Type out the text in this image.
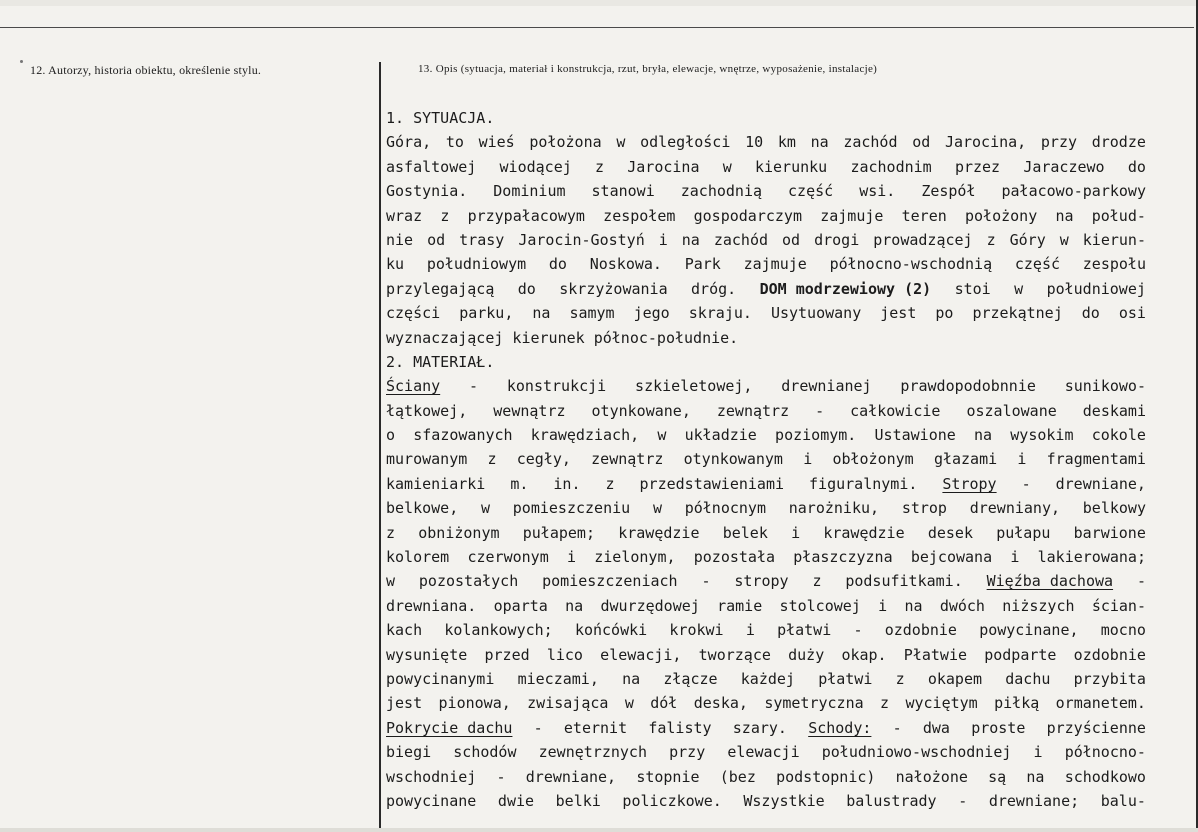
12. Autorzy, historia obiektu, określenie stylu.	13. Opis (sytuacja, materiał i konstrukcja, rzut, bryła, elewacje, wnętrze, wyposażenie, instalacje)
1. SYTUACJA.
Góra, to wieś położona w odległości 10 km na zachód od Jarocina, przy drodze
asfaltowej wiodącej z Jarocina w kierunku zachodnim przez Jaraczewo do
Gostynia. Dominium stanowi zachodnią część wsi. Zespół pałacowo-parkowy
wraz z przypałacowym zespołem gospodarczym zajmuje teren położony na połud-
nie od trasy Jarocin-Gostyń i na zachód od drogi prowadzącej z Góry w kierun-
ku południowym do Noskowa. Park zajmuje północno-wschodnią część zespołu
przylegającą do skrzyżowania dróg. DOM modrzewiowy (2) stoi w południowej
części parku, na samym jego skraju. Usytuowany jest po przekątnej do osi
wyznaczającej kierunek północ-południe.
2. MATERIAŁ.
Ściany - konstrukcji szkieletowej, drewnianej prawdopodobnnie sunikowo-
łątkowej, wewnątrz otynkowane, zewnątrz - całkowicie oszalowane deskami
o sfazowanych krawędziach, w układzie poziomym. Ustawione na wysokim cokole
murowanym z cegły, zewnątrz otynkowanym i obłożonym głazami i fragmentami
kamieniarki m. in. z przedstawieniami figuralnymi. Stropy - drewniane,
belkowe, w pomieszczeniu w północnym narożniku, strop drewniany, belkowy
z obniżonym pułapem; krawędzie belek i krawędzie desek pułapu barwione
kolorem czerwonym i zielonym, pozostała płaszczyzna bejcowana i lakierowana;
w pozostałych pomieszczeniach - stropy z podsufitkami. Więźba dachowa -
drewniana. oparta na dwurzędowej ramie stolcowej i na dwóch niższych ścian-
kach kolankowych; końcówki krokwi i płatwi - ozdobnie powycinane, mocno
wysunięte przed lico elewacji, tworzące duży okap. Płatwie podparte ozdobnie
powycinanymi mieczami, na złącze każdej płatwi z okapem dachu przybita
jest pionowa, zwisająca w dół deska, symetryczna z wyciętym piłką ormanetem.
Pokrycie dachu - eternit falisty szary. Schody: - dwa proste przyścienne
biegi schodów zewnętrznych przy elewacji południowo-wschodniej i północno-
wschodniej - drewniane, stopnie (bez podstopnic) nałożone są na schodkowo
powycinane dwie belki policzkowe. Wszystkie balustrady - drewniane; balu-
